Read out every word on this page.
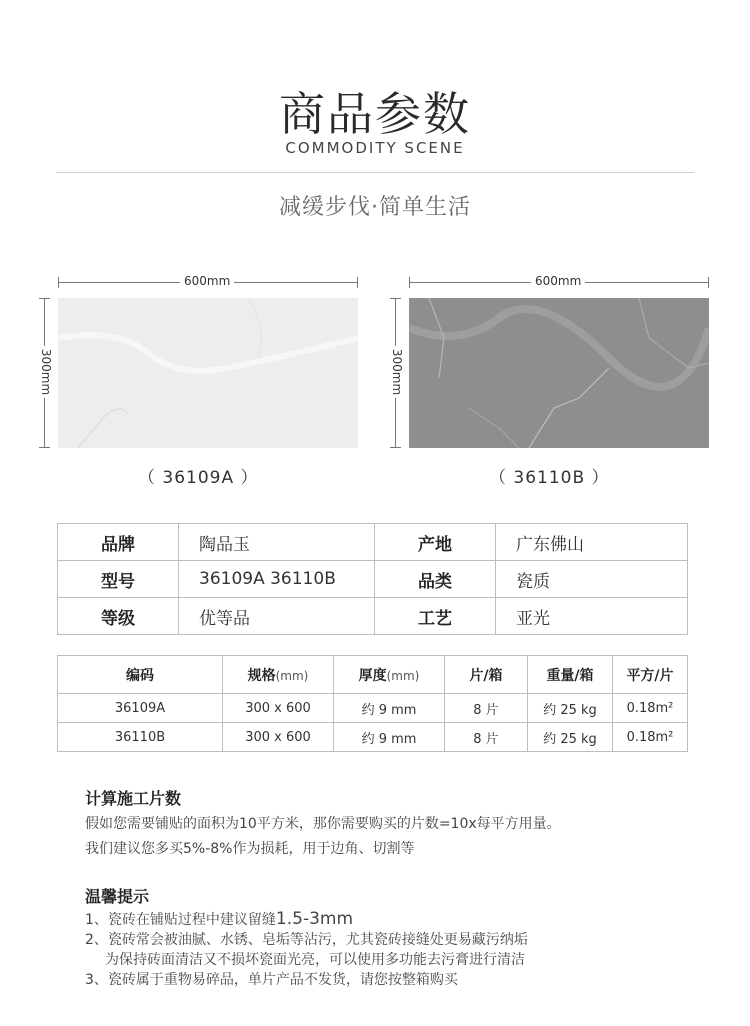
商品参数
COMMODITY SCENE
减缓步伐·简单生活
600mm
300mm
（ 36109A ）
600mm
300mm
（ 36110B ）
品牌	陶品玉	产地	广东佛山
型号	36109A 36110B	品类	瓷质
等级	优等品	工艺	亚光
编码	规格(mm)	厚度(mm)	片/箱	重量/箱	平方/片
36109A	300 x 600	约 9 mm	8 片	约 25 kg	0.18m²
36110B	300 x 600	约 9 mm	8 片	约 25 kg	0.18m²
计算施工片数
假如您需要铺贴的面积为10平方米，那你需要购买的片数=10x每平方用量。
我们建议您多买5%-8%作为损耗，用于边角、切割等
温馨提示
1、瓷砖在铺贴过程中建议留缝1.5-3mm
2、瓷砖常会被油腻、水锈、皂垢等沾污，尤其瓷砖接缝处更易藏污纳垢
为保持砖面清洁又不损坏瓷面光亮，可以使用多功能去污膏进行清洁
3、瓷砖属于重物易碎品，单片产品不发货，请您按整箱购买
